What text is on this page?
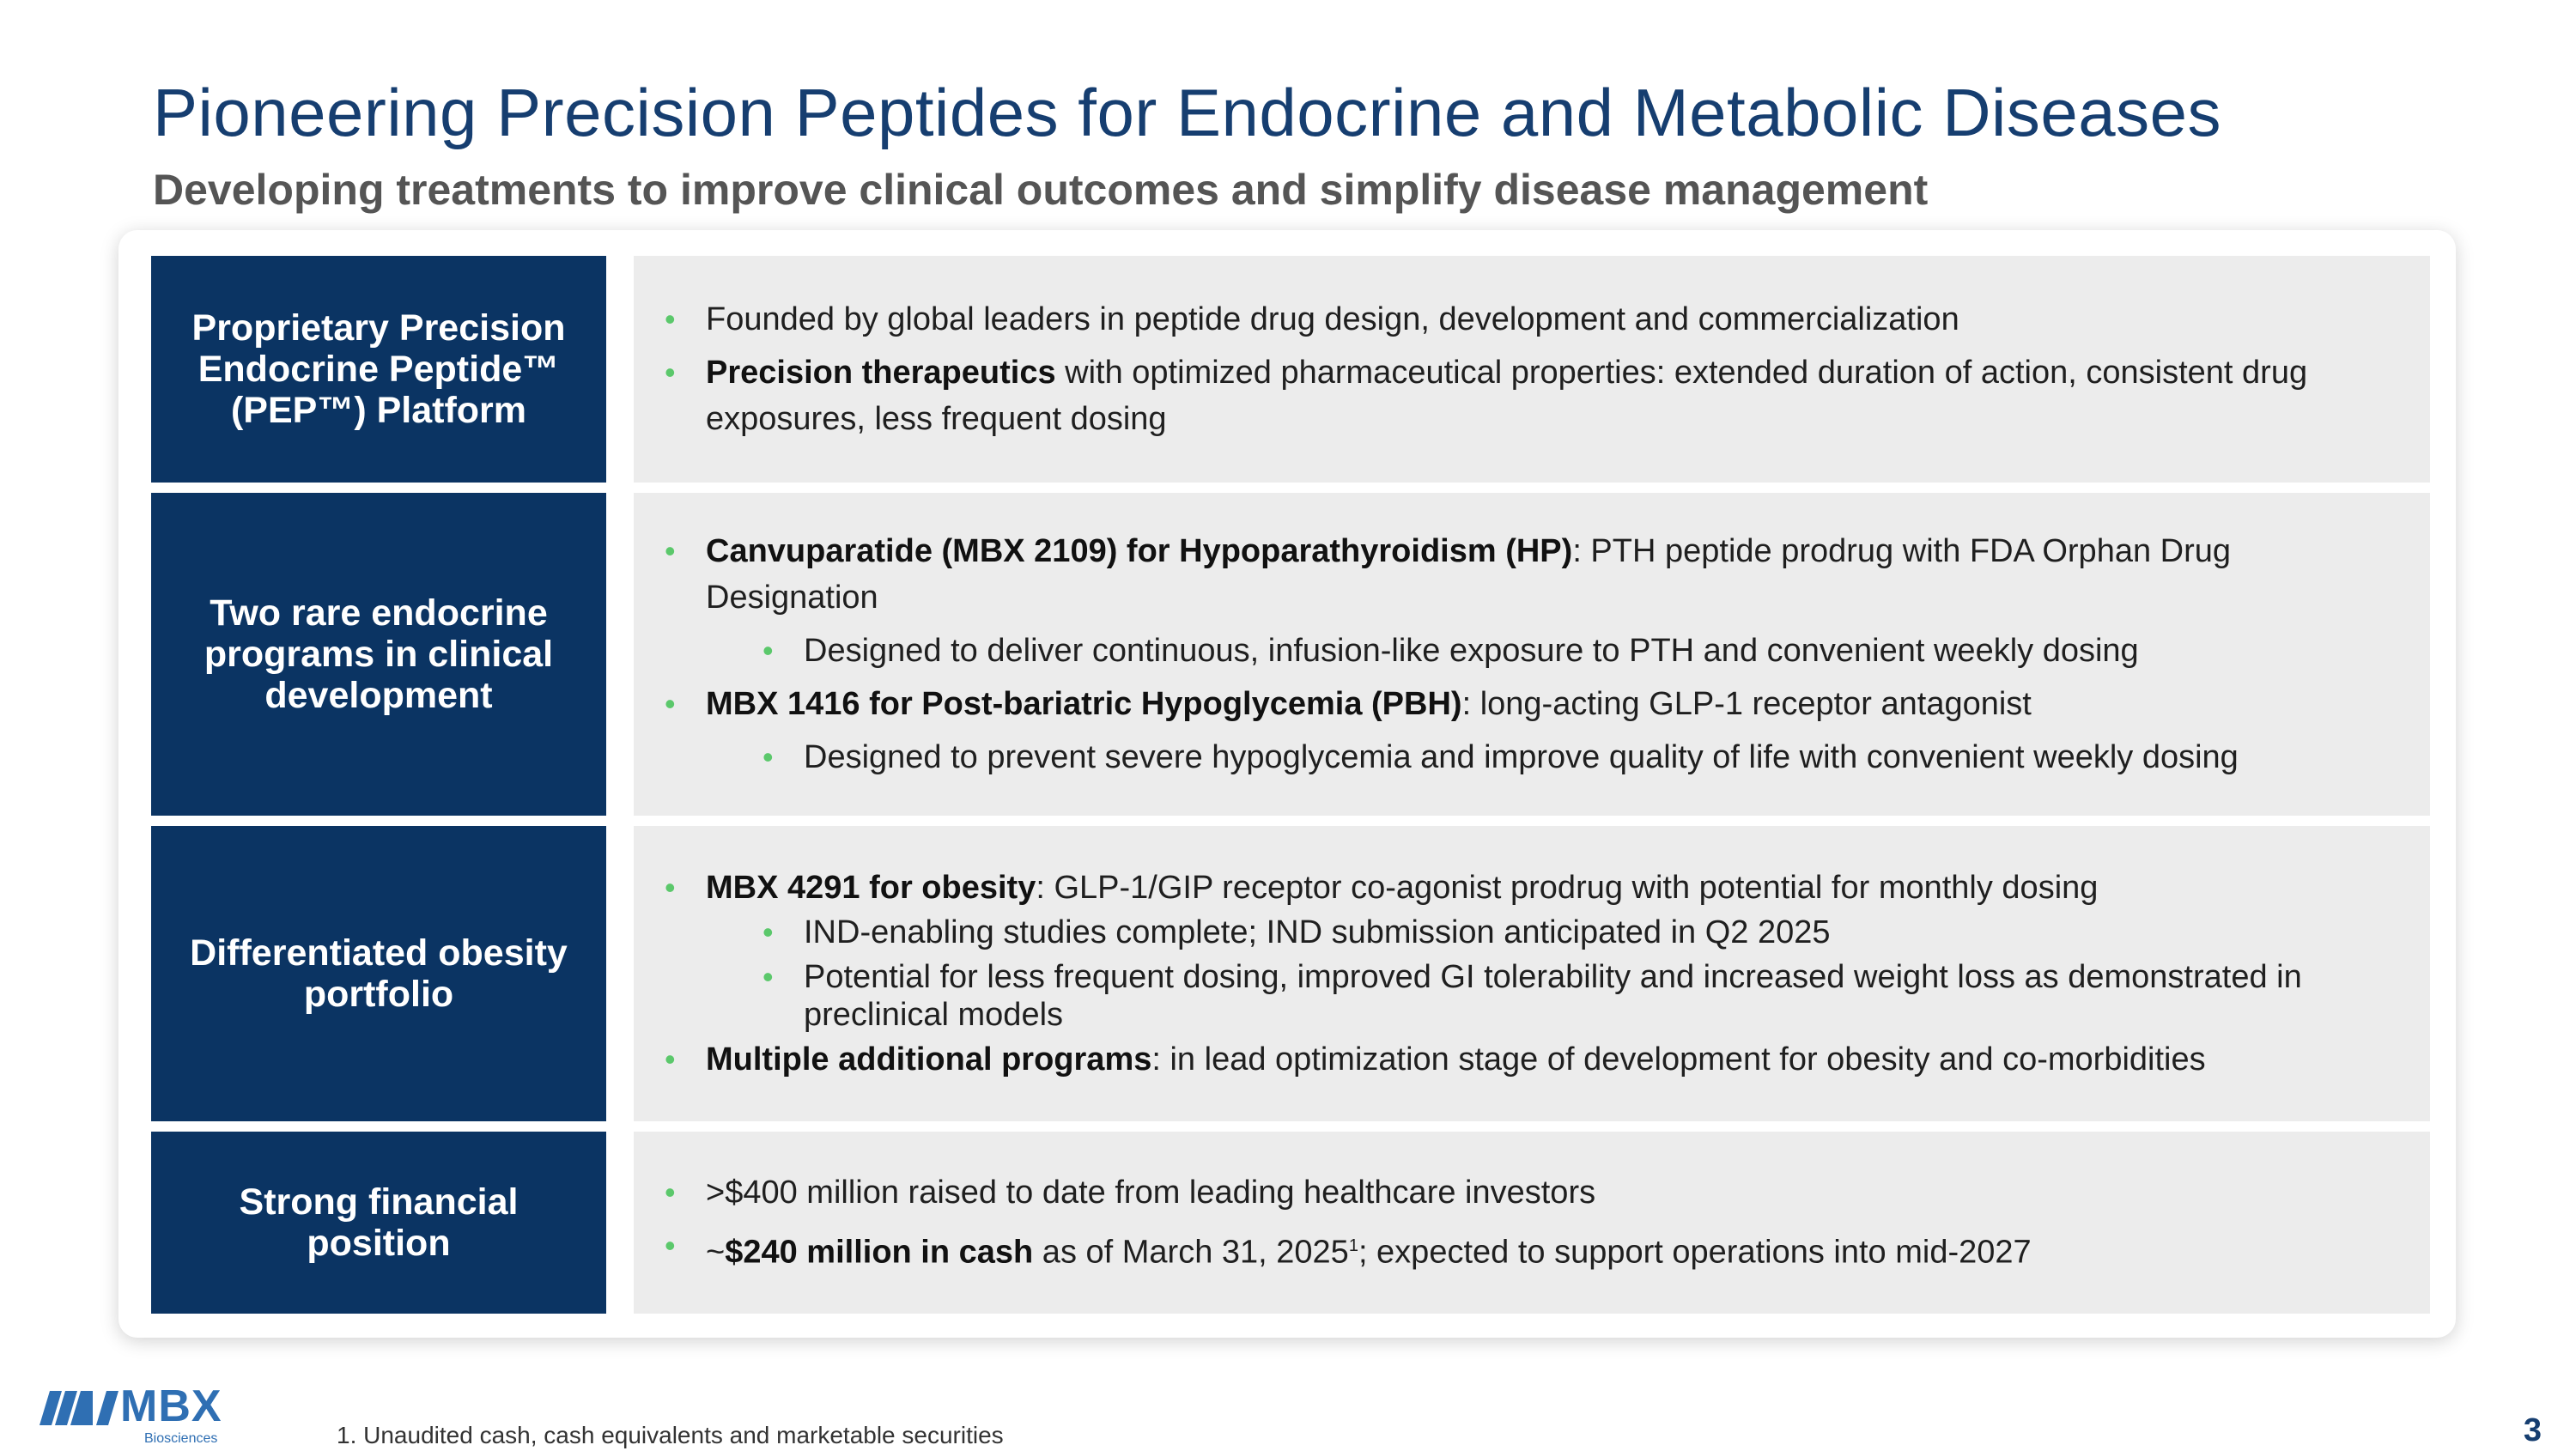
Pioneering Precision Peptides for Endocrine and Metabolic Diseases
Developing treatments to improve clinical outcomes and simplify disease management
Proprietary Precision Endocrine Peptide™ (PEP™) Platform
• Founded by global leaders in peptide drug design, development and commercialization
• Precision therapeutics with optimized pharmaceutical properties: extended duration of action, consistent drug exposures, less frequent dosing
Two rare endocrine programs in clinical development
• Canvuparatide (MBX 2109) for Hypoparathyroidism (HP): PTH peptide prodrug with FDA Orphan Drug Designation
• Designed to deliver continuous, infusion-like exposure to PTH and convenient weekly dosing
• MBX 1416 for Post-bariatric Hypoglycemia (PBH): long-acting GLP-1 receptor antagonist
• Designed to prevent severe hypoglycemia and improve quality of life with convenient weekly dosing
Differentiated obesity portfolio
• MBX 4291 for obesity: GLP-1/GIP receptor co-agonist prodrug with potential for monthly dosing
• IND-enabling studies complete; IND submission anticipated in Q2 2025
• Potential for less frequent dosing, improved GI tolerability and increased weight loss as demonstrated in preclinical models
• Multiple additional programs: in lead optimization stage of development for obesity and co-morbidities
Strong financial position
• >$400 million raised to date from leading healthcare investors
• ~$240 million in cash as of March 31, 2025$^1$; expected to support operations into mid-2027
MBX
Biosciences	1. Unaudited cash, cash equivalents and marketable securities	3
